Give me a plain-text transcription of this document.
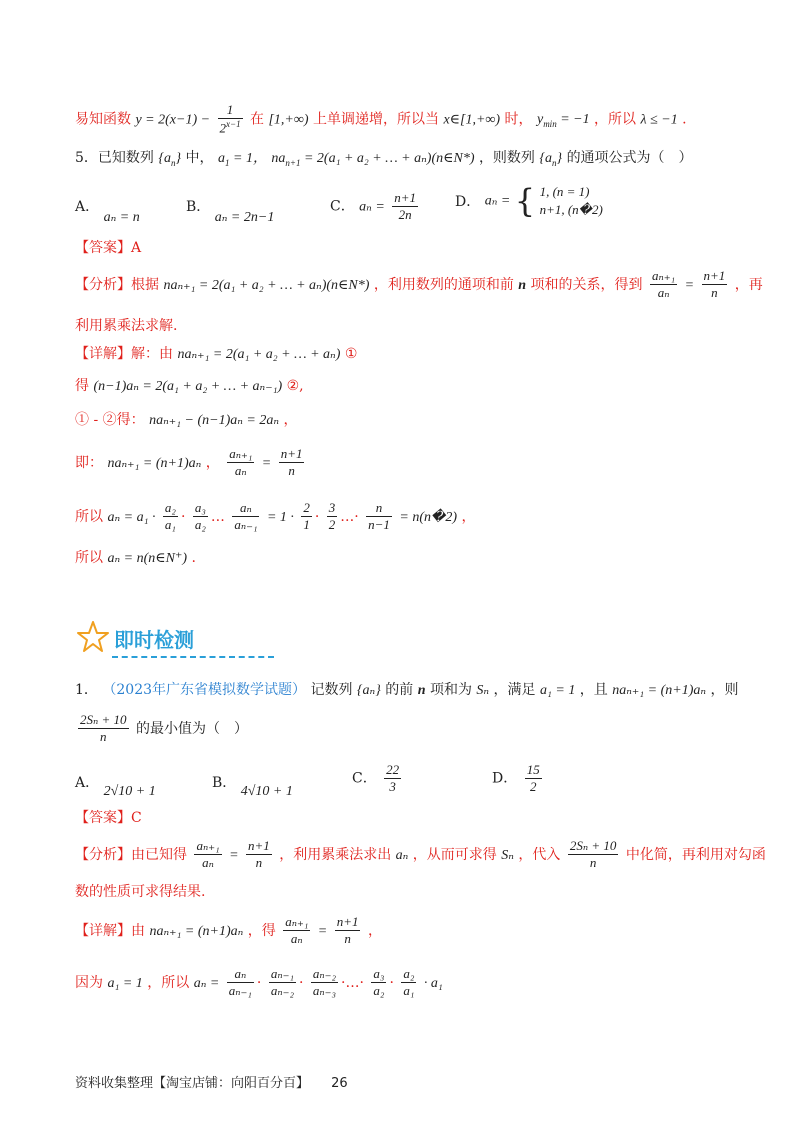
易知函数 $y = 2(x-1) - \frac{1}{2^{x-1}}$ 在 [1,+∞) 上单调递增，所以当 x∈[1,+∞) 时， $y_{min} = -1$ ，所以 λ ≤ −1 .
5．已知数列 $\{a_n\}$ 中， $a_1 = 1$， $na_{n+1} = 2(a_1 + a_2$ + … + aₙ)(n∈N*) ，则数列 $\{a_n\}$ 的通项公式为（　）
A． aₙ = n
B． aₙ = 2n−1
C． $a_n = \frac{n+1}{2n}$	D． aₙ = { 1, (n = 1)
n+1, (n�2)
【答案】A
【分析】根据 naₙ₊₁ = 2(a₁ + a₂ + … + aₙ)(n∈N*) ，利用数列的通项和前 n 项和的关系，得到 $\frac{\text{aₙ₊₁}}{\text{aₙ}} = \frac{n+1}{n}$ ，再
利用累乘法求解.
【详解】解：由 naₙ₊₁ = 2(a₁ + a₂ + … + aₙ) ①
得 (n−1)aₙ = 2(a₁ + a₂ + … + aₙ₋₁) ②,
① - ②得： naₙ₊₁ − (n−1)aₙ = 2aₙ ，
即： naₙ₊₁ = (n+1)aₙ ， $\frac{\text{aₙ₊₁}}{\text{aₙ}} = \frac{n+1}{n}$
所以 $a_n = a_1 \cdot \frac{\text{a₂}}{\text{a₁}} \cdot \frac{\text{a₃}}{\text{a₂}}$ … $\frac{\text{aₙ}}{\text{aₙ₋₁}} = 1 \cdot \frac{2}{1} \cdot \frac{3}{2}$ …· $\frac{n}{n-1}$ = n(n�2) ，
所以 aₙ = n(n∈N⁺) .
即时检测
1． （2023年广东省模拟数学试题） 记数列 {aₙ} 的前 n 项和为 Sₙ ，满足 a₁ = 1 ，且 naₙ₊₁ = (n+1)aₙ ，则
$\frac{\text{2Sₙ + 10}}{n}$ 的最小值为（　）
A． 2√10 + 1
B． 4√10 + 1
C． $\frac{22}{3}$	D． $\frac{15}{2}$
【答案】C
【分析】由已知得 $\frac{\text{aₙ₊₁}}{\text{aₙ}} = \frac{n+1}{n}$ ，利用累乘法求出 aₙ ，从而可求得 Sₙ ，代入 $\frac{\text{2Sₙ + 10}}{n}$ 中化简，再利用对勾函
数的性质可求得结果.
【详解】由 naₙ₊₁ = (n+1)aₙ ，得 $\frac{\text{aₙ₊₁}}{\text{aₙ}} = \frac{n+1}{n}$ ，
因为 a₁ = 1 ，所以 $a_n = \frac{\text{aₙ}}{\text{aₙ₋₁}} \cdot \frac{\text{aₙ₋₁}}{\text{aₙ₋₂}} \cdot \frac{\text{aₙ₋₂}}{\text{aₙ₋₃}}$ ·…· $\frac{\text{a₃}}{\text{a₂}} \cdot \frac{\text{a₂}}{\text{a₁}} \cdot a_1$
资料收集整理【淘宝店铺：向阳百分百】 26
